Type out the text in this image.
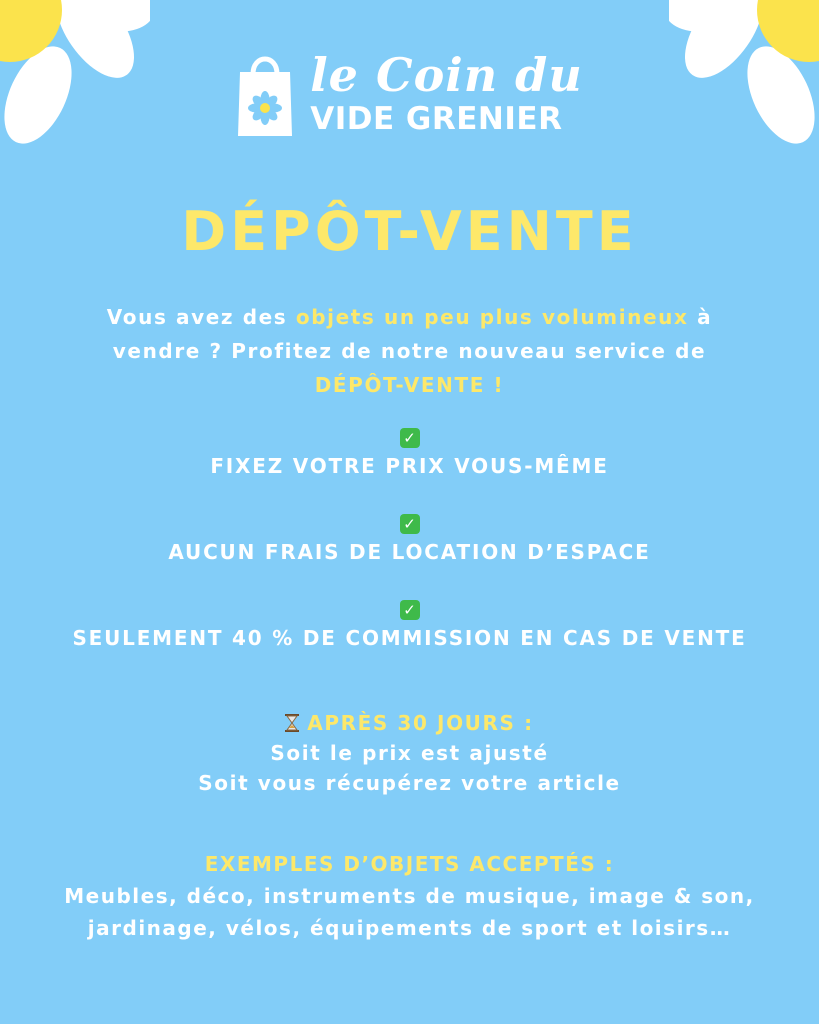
le Coin du
VIDE GRENIER
DÉPÔT-VENTE
Vous avez des objets un peu plus volumineux à vendre ? Profitez de notre nouveau service de DÉPÔT-VENTE !
✓
FIXEZ VOTRE PRIX VOUS-MÊME
✓
AUCUN FRAIS DE LOCATION D’ESPACE
✓
SEULEMENT 40 % DE COMMISSION EN CAS DE VENTE
APRÈS 30 JOURS :
Soit le prix est ajusté
Soit vous récupérez votre article
EXEMPLES D’OBJETS ACCEPTÉS :
Meubles, déco, instruments de musique, image & son, jardinage, vélos, équipements de sport et loisirs…
